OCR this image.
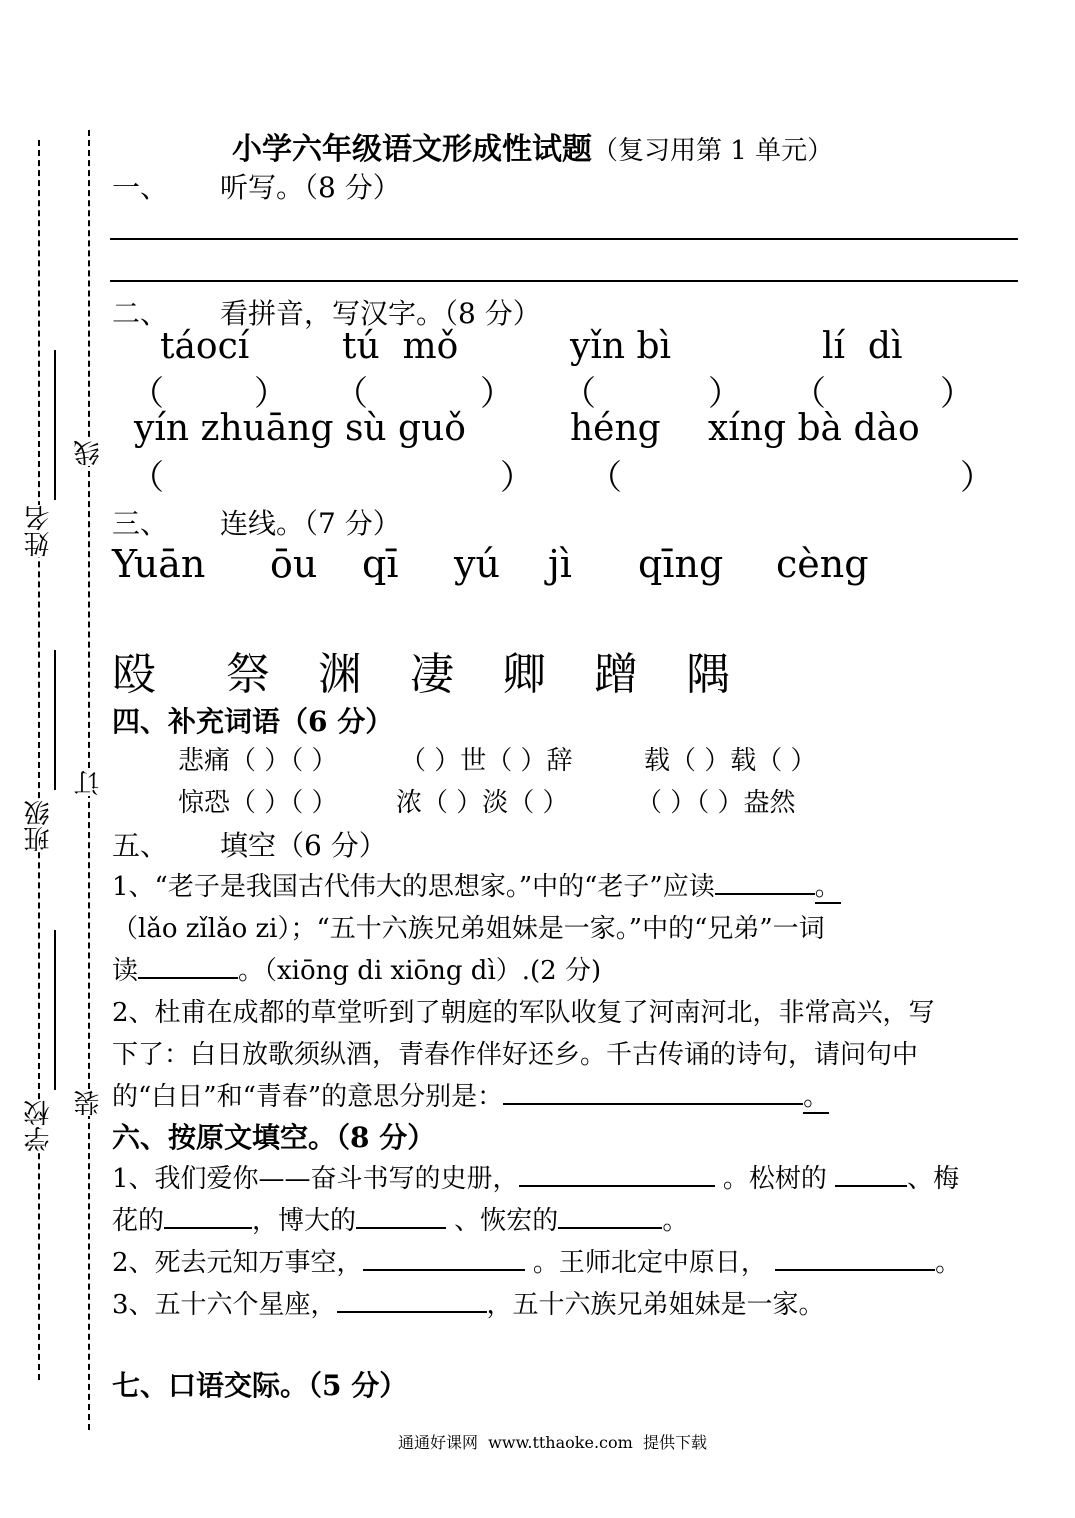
姓名
班级
学校
线
订
装
小学六年级语文形成性试题（复习用第 1 单元）
一、 听写。（8 分）
二、 看拼音，写汉字。（8 分）
táocí	tú  mǒ	yǐn bì	lí  dì
（	） （	） （	） （	）
yín zhuāng sù guǒ	héng xíng bà dào
（	） （	）
三、 连线。（7 分）
Yuān ōu qī yú jì qīng cèng
殴 祭 渊 凄 卿 蹭 隅
四、补充词语（6 分）
悲痛（ ）（ ） （ ）世（ ）辞	载（ ）载（ ）
惊恐（ ）（ ） 浓（ ）淡（ ）	（ ）（ ）盎然
五、 填空（6 分）
1、“老子是我国古代伟大的思想家。”中的“老子”应读	。
（lǎo zǐlǎo zi）；“五十六族兄弟姐妹是一家。”中的“兄弟”一词
读	。（xiōng di xiōng dì）.(2 分)
2、杜甫在成都的草堂听到了朝庭的军队收复了河南河北，非常高兴，写
下了：白日放歌须纵酒，青春作伴好还乡。千古传诵的诗句，请问句中
的“白日”和“青春”的意思分别是：	。
六、按原文填空。（8 分）
1、我们爱你——奋斗书写的史册，	。松树的	、梅
花的	，博大的	、恢宏的	。
2、死去元知万事空，	。王师北定中原日，	。
3、五十六个星座，	，五十六族兄弟姐妹是一家。
七、口语交际。（5 分）
通通好课网  www.tthaoke.com  提供下载
